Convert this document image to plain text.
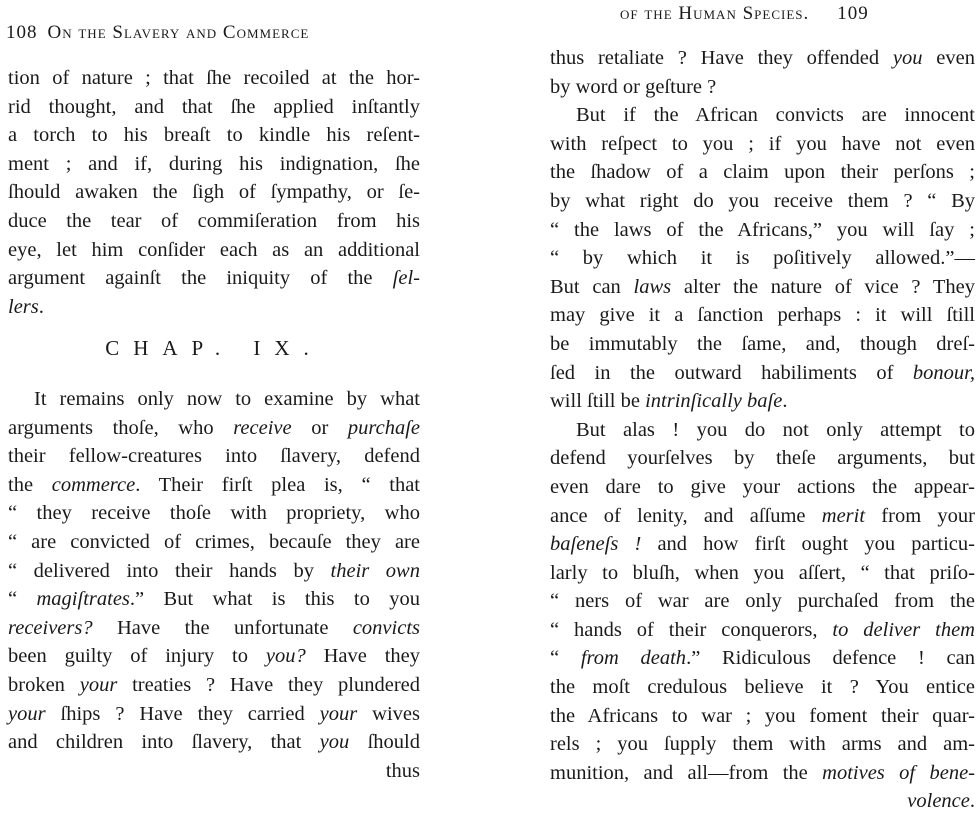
108 On the Slavery and Commerce
tion of nature ; that ſhe recoiled at the hor-
rid thought, and that ſhe applied inſtantly
a torch to his breaſt to kindle his reſent-
ment ; and if, during his indignation, ſhe
ſhould awaken the ſigh of ſympathy, or ſe-
duce the tear of commiſeration from his
eye, let him conſider each as an additional
argument againſt the iniquity of the ſel-
lers.
CHAP. IX.
It remains only now to examine by what
arguments thoſe, who receive or purchaſe
their fellow-creatures into ſlavery, defend
the commerce. Their firſt plea is, “ that
“ they receive thoſe with propriety, who
“ are convicted of crimes, becauſe they are
“ delivered into their hands by their own
“ magiſtrates.” But what is this to you
receivers? Have the unfortunate convicts
been guilty of injury to you? Have they
broken your treaties ? Have they plundered
your ſhips ? Have they carried your wives
and children into ſlavery, that you ſhould
thus
of the Human Species. 109
thus retaliate ? Have they offended you even
by word or geſture ?
But if the African convicts are innocent
with reſpect to you ; if you have not even
the ſhadow of a claim upon their perſons ;
by what right do you receive them ? “ By
“ the laws of the Africans,” you will ſay ;
“ by which it is poſitively allowed.”—
But can laws alter the nature of vice ? They
may give it a ſanction perhaps : it will ſtill
be immutably the ſame, and, though dreſ-
ſed in the outward habiliments of bonour,
will ſtill be intrinſically baſe.
But alas ! you do not only attempt to
defend yourſelves by theſe arguments, but
even dare to give your actions the appear-
ance of lenity, and aſſume merit from your
baſeneſs ! and how firſt ought you particu-
larly to bluſh, when you aſſert, “ that priſo-
“ ners of war are only purchaſed from the
“ hands of their conquerors, to deliver them
“ from death.” Ridiculous defence ! can
the moſt credulous believe it ? You entice
the Africans to war ; you foment their quar-
rels ; you ſupply them with arms and am-
munition, and all—from the motives of bene-
volence.
